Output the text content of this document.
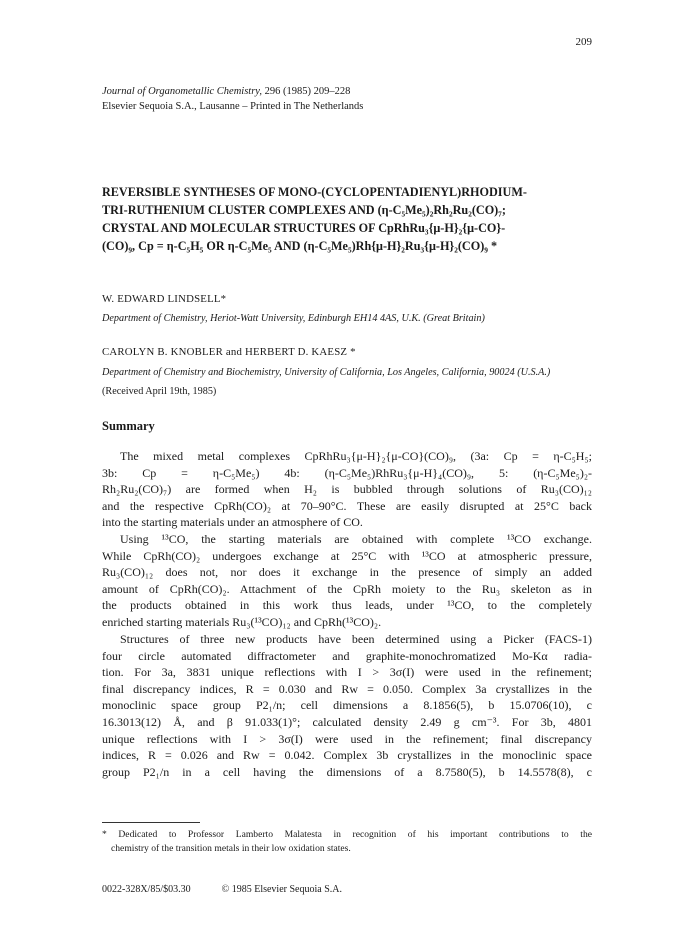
209
Journal of Organometallic Chemistry, 296 (1985) 209–228
Elsevier Sequoia S.A., Lausanne – Printed in The Netherlands
REVERSIBLE SYNTHESES OF MONO-(CYCLOPENTADIENYL)RHODIUM-
TRI-RUTHENIUM CLUSTER COMPLEXES AND (η-C₅Me₅)₂Rh₂Ru₂(CO)₇;
CRYSTAL AND MOLECULAR STRUCTURES OF CpRhRu₃{μ-H}₂{μ-CO}-
(CO)₉, Cp = η-C₅H₅ OR η-C₅Me₅ AND (η-C₅Me₅)Rh{μ-H}₂Ru₃{μ-H}₂(CO)₉ *
W. EDWARD LINDSELL*
Department of Chemistry, Heriot-Watt University, Edinburgh EH14 4AS, U.K. (Great Britain)
CAROLYN B. KNOBLER and HERBERT D. KAESZ *
Department of Chemistry and Biochemistry, University of California, Los Angeles, California, 90024 (U.S.A.)
(Received April 19th, 1985)
Summary
The mixed metal complexes CpRhRu₃{μ-H}₂{μ-CO}(CO)₉, (3a: Cp = η-C₅H₅;
3b: Cp = η-C₅Me₅) 4b: (η-C₅Me₅)RhRu₃{μ-H}₄(CO)₉, 5: (η-C₅Me₅)₂-
Rh₂Ru₂(CO)₇) are formed when H₂ is bubbled through solutions of Ru₃(CO)₁₂
and the respective CpRh(CO)₂ at 70–90°C. These are easily disrupted at 25°C back
into the starting materials under an atmosphere of CO.
Using ¹³CO, the starting materials are obtained with complete ¹³CO exchange.
While CpRh(CO)₂ undergoes exchange at 25°C with ¹³CO at atmospheric pressure,
Ru₃(CO)₁₂ does not, nor does it exchange in the presence of simply an added
amount of CpRh(CO)₂. Attachment of the CpRh moiety to the Ru₃ skeleton as in
the products obtained in this work thus leads, under ¹³CO, to the completely
enriched starting materials Ru₃(¹³CO)₁₂ and CpRh(¹³CO)₂.
Structures of three new products have been determined using a Picker (FACS-1)
four circle automated diffractometer and graphite-monochromatized Mo-Kα radia-
tion. For 3a, 3831 unique reflections with I > 3σ(I) were used in the refinement;
final discrepancy indices, R = 0.030 and Rw = 0.050. Complex 3a crystallizes in the
monoclinic space group P2₁/n; cell dimensions a 8.1856(5), b 15.0706(10), c
16.3013(12) Å, and β 91.033(1)°; calculated density 2.49 g cm⁻³. For 3b, 4801
unique reflections with I > 3σ(I) were used in the refinement; final discrepancy
indices, R = 0.026 and Rw = 0.042. Complex 3b crystallizes in the monoclinic space
group P2₁/n in a cell having the dimensions of a 8.7580(5), b 14.5578(8), c
* Dedicated to Professor Lamberto Malatesta in recognition of his important contributions to the
chemistry of the transition metals in their low oxidation states.
0022-328X/85/$03.30	© 1985 Elsevier Sequoia S.A.
